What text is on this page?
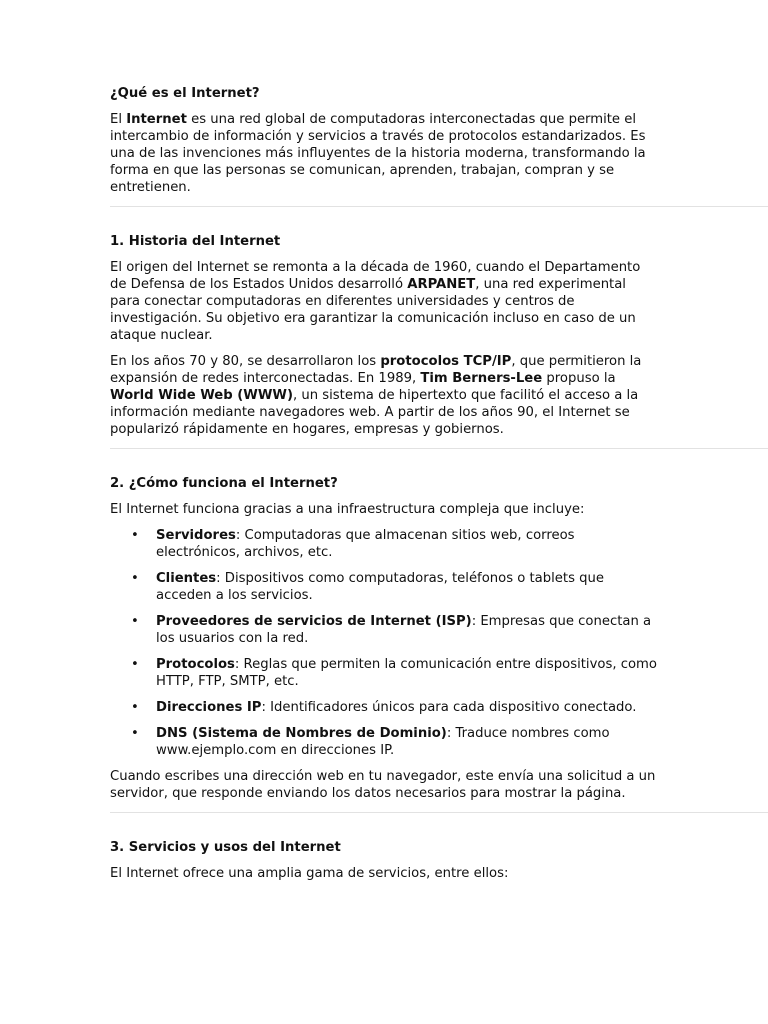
¿Qué es el Internet?

El Internet es una red global de computadoras interconectadas que permite el intercambio de información y servicios a través de protocolos estandarizados. Es una de las invenciones más influyentes de la historia moderna, transformando la forma en que las personas se comunican, aprenden, trabajan, compran y se entretienen.

1. Historia del Internet

El origen del Internet se remonta a la década de 1960, cuando el Departamento de Defensa de los Estados Unidos desarrolló ARPANET, una red experimental para conectar computadoras en diferentes universidades y centros de investigación. Su objetivo era garantizar la comunicación incluso en caso de un ataque nuclear.

En los años 70 y 80, se desarrollaron los protocolos TCP/IP, que permitieron la expansión de redes interconectadas. En 1989, Tim Berners-Lee propuso la World Wide Web (WWW), un sistema de hipertexto que facilitó el acceso a la información mediante navegadores web. A partir de los años 90, el Internet se popularizó rápidamente en hogares, empresas y gobiernos.

2. ¿Cómo funciona el Internet?

El Internet funciona gracias a una infraestructura compleja que incluye:

• Servidores: Computadoras que almacenan sitios web, correos electrónicos, archivos, etc.
• Clientes: Dispositivos como computadoras, teléfonos o tablets que acceden a los servicios.
• Proveedores de servicios de Internet (ISP): Empresas que conectan a los usuarios con la red.
• Protocolos: Reglas que permiten la comunicación entre dispositivos, como HTTP, FTP, SMTP, etc.
• Direcciones IP: Identificadores únicos para cada dispositivo conectado.
• DNS (Sistema de Nombres de Dominio): Traduce nombres como www.ejemplo.com en direcciones IP.

Cuando escribes una dirección web en tu navegador, este envía una solicitud a un servidor, que responde enviando los datos necesarios para mostrar la página.

3. Servicios y usos del Internet

El Internet ofrece una amplia gama de servicios, entre ellos:
